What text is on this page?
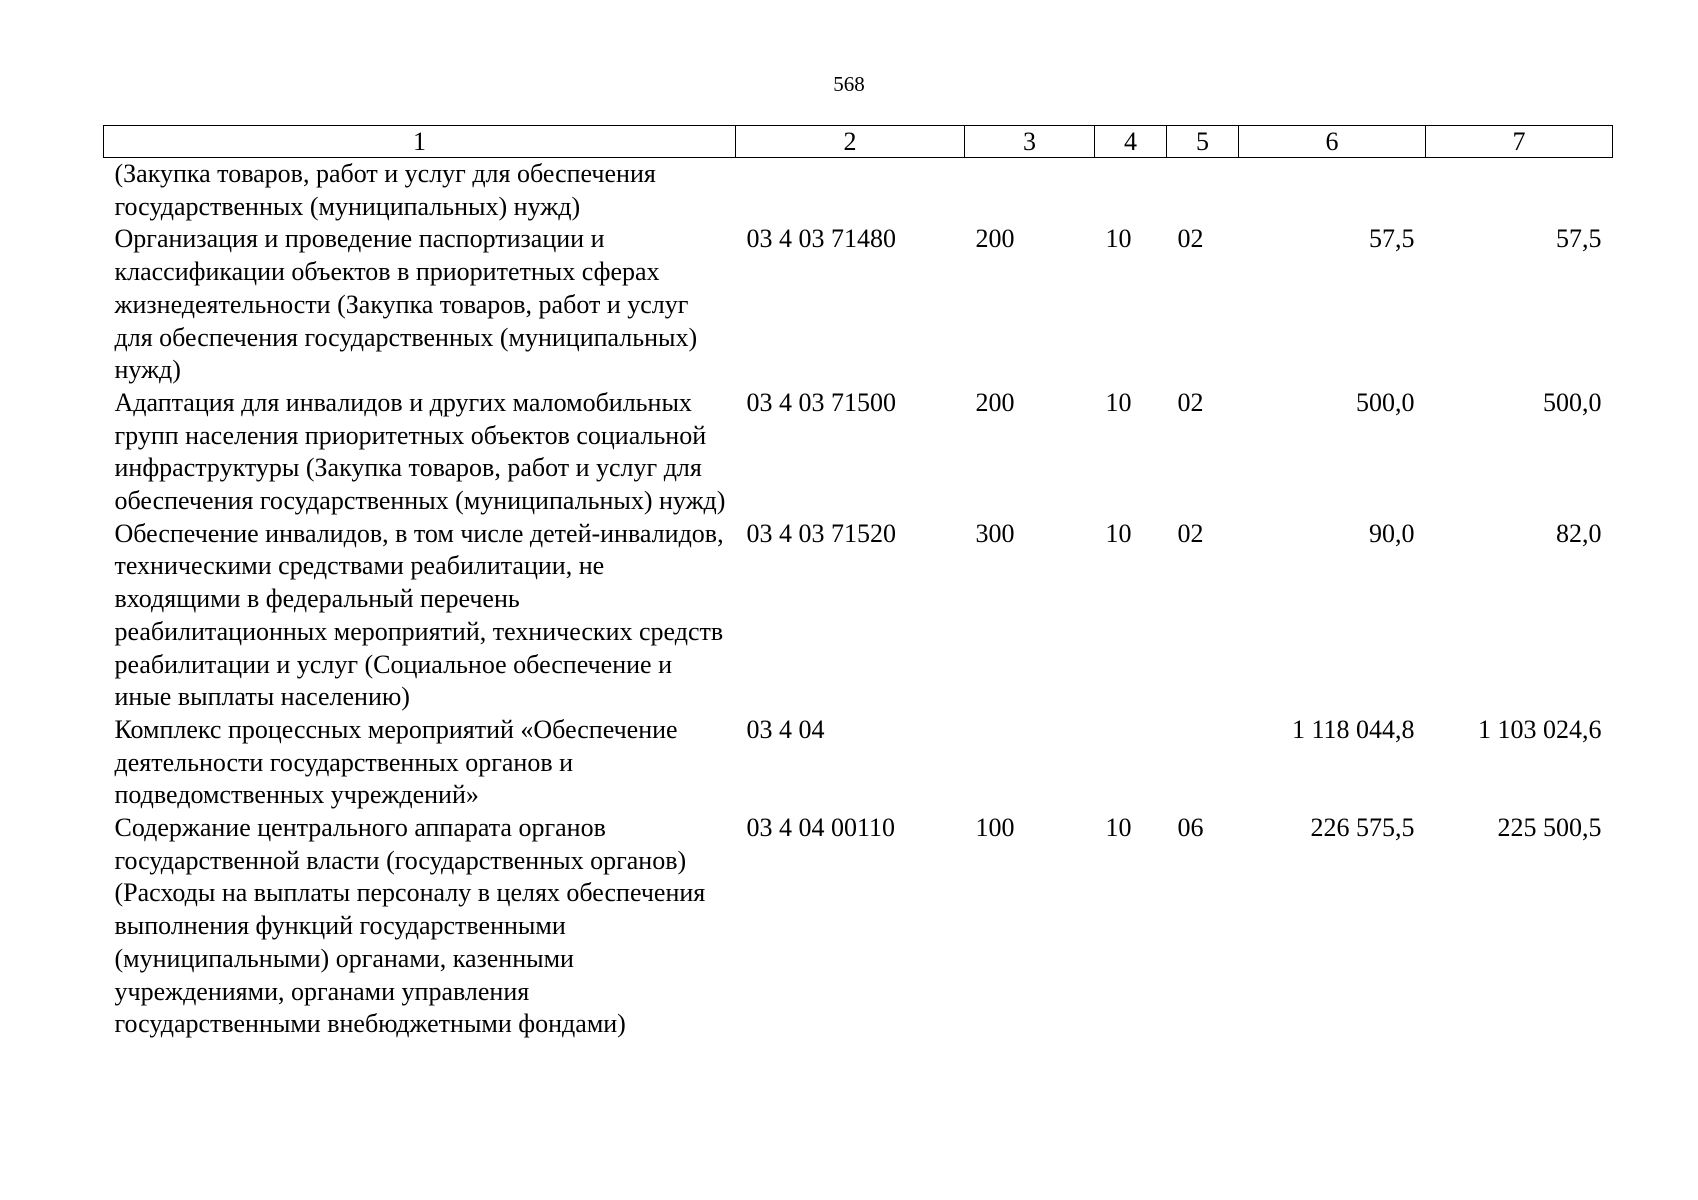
568
1	2	3	4	5	6	7
(Закупка товаров, работ и услуг для обеспечения государственных (муниципальных) нужд)						
Организация и проведение паспортизации и классификации объектов в приоритетных сферах жизнедеятельности (Закупка товаров, работ и услуг для обеспечения государственных (муниципальных) нужд)	03 4 03 71480	200	10	02	57,5	57,5
Адаптация для инвалидов и других маломобильных групп населения приоритетных объектов социальной инфраструктуры (Закупка товаров, работ и услуг для обеспечения государственных (муниципальных) нужд)	03 4 03 71500	200	10	02	500,0	500,0
Обеспечение инвалидов, в том числе детей-инвалидов, техническими средствами реабилитации, не входящими в федеральный перечень реабилитационных мероприятий, технических средств реабилитации и услуг (Социальное обеспечение и иные выплаты населению)	03 4 03 71520	300	10	02	90,0	82,0
Комплекс процессных мероприятий «Обеспечение деятельности государственных органов и подведомственных учреждений»	03 4 04				1 118 044,8	1 103 024,6
Содержание центрального аппарата органов государственной власти (государственных органов) (Расходы на выплаты персоналу в целях обеспечения выполнения функций государственными (муниципальными) органами, казенными учреждениями, органами управления государственными внебюджетными фондами)	03 4 04 00110	100	10	06	226 575,5	225 500,5
